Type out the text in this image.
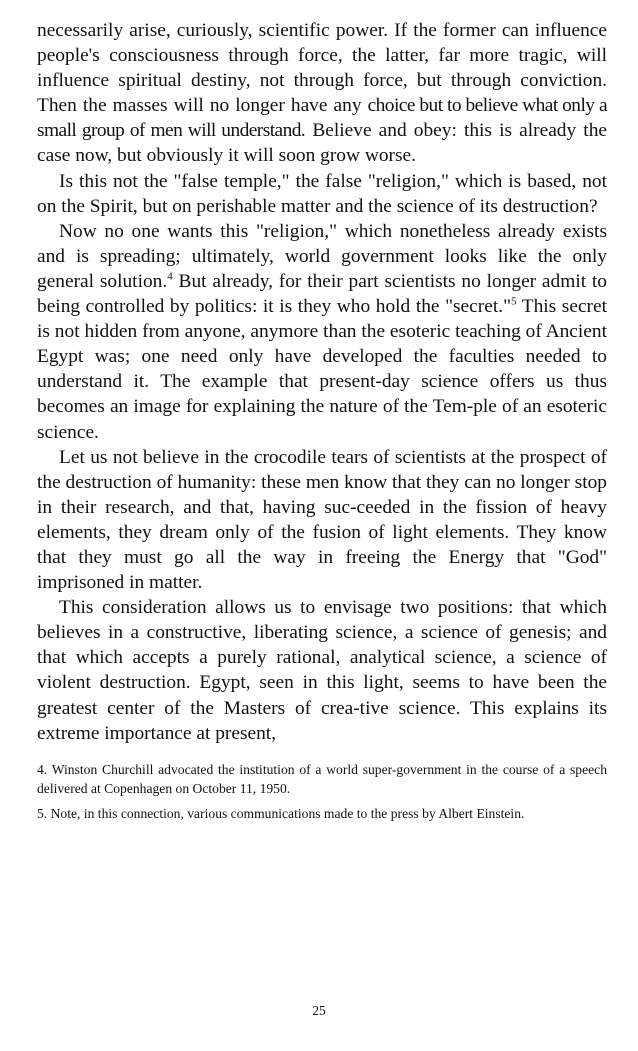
necessarily arise, curiously, scientific power. If the former can influence people's consciousness through force, the latter, far more tragic, will influence spiritual destiny, not through force, but through conviction. Then the masses will no longer have any choice but to believe what only a small group of men will understand. Believe and obey: this is already the case now, but obviously it will soon grow worse.

Is this not the "false temple," the false "religion," which is based, not on the Spirit, but on perishable matter and the science of its destruction?

Now no one wants this "religion," which nonetheless already exists and is spreading; ultimately, world government looks like the only general solution.$^4$ But already, for their part scientists no longer admit to being controlled by politics: it is they who hold the "secret."$^5$ This secret is not hidden from anyone, anymore than the esoteric teaching of Ancient Egypt was; one need only have developed the faculties needed to understand it. The example that present-day science offers us thus becomes an image for explaining the nature of the Tem-ple of an esoteric science.

Let us not believe in the crocodile tears of scientists at the prospect of the destruction of humanity: these men know that they can no longer stop in their research, and that, having suc-ceeded in the fission of heavy elements, they dream only of the fusion of light elements. They know that they must go all the way in freeing the Energy that "God" imprisoned in matter.

This consideration allows us to envisage two positions: that which believes in a constructive, liberating science, a science of genesis; and that which accepts a purely rational, analytical science, a science of violent destruction. Egypt, seen in this light, seems to have been the greatest center of the Masters of crea-tive science. This explains its extreme importance at present,

4. Winston Churchill advocated the institution of a world super-government in the course of a speech delivered at Copenhagen on October 11, 1950.

5. Note, in this connection, various communications made to the press by Albert Einstein.

25
